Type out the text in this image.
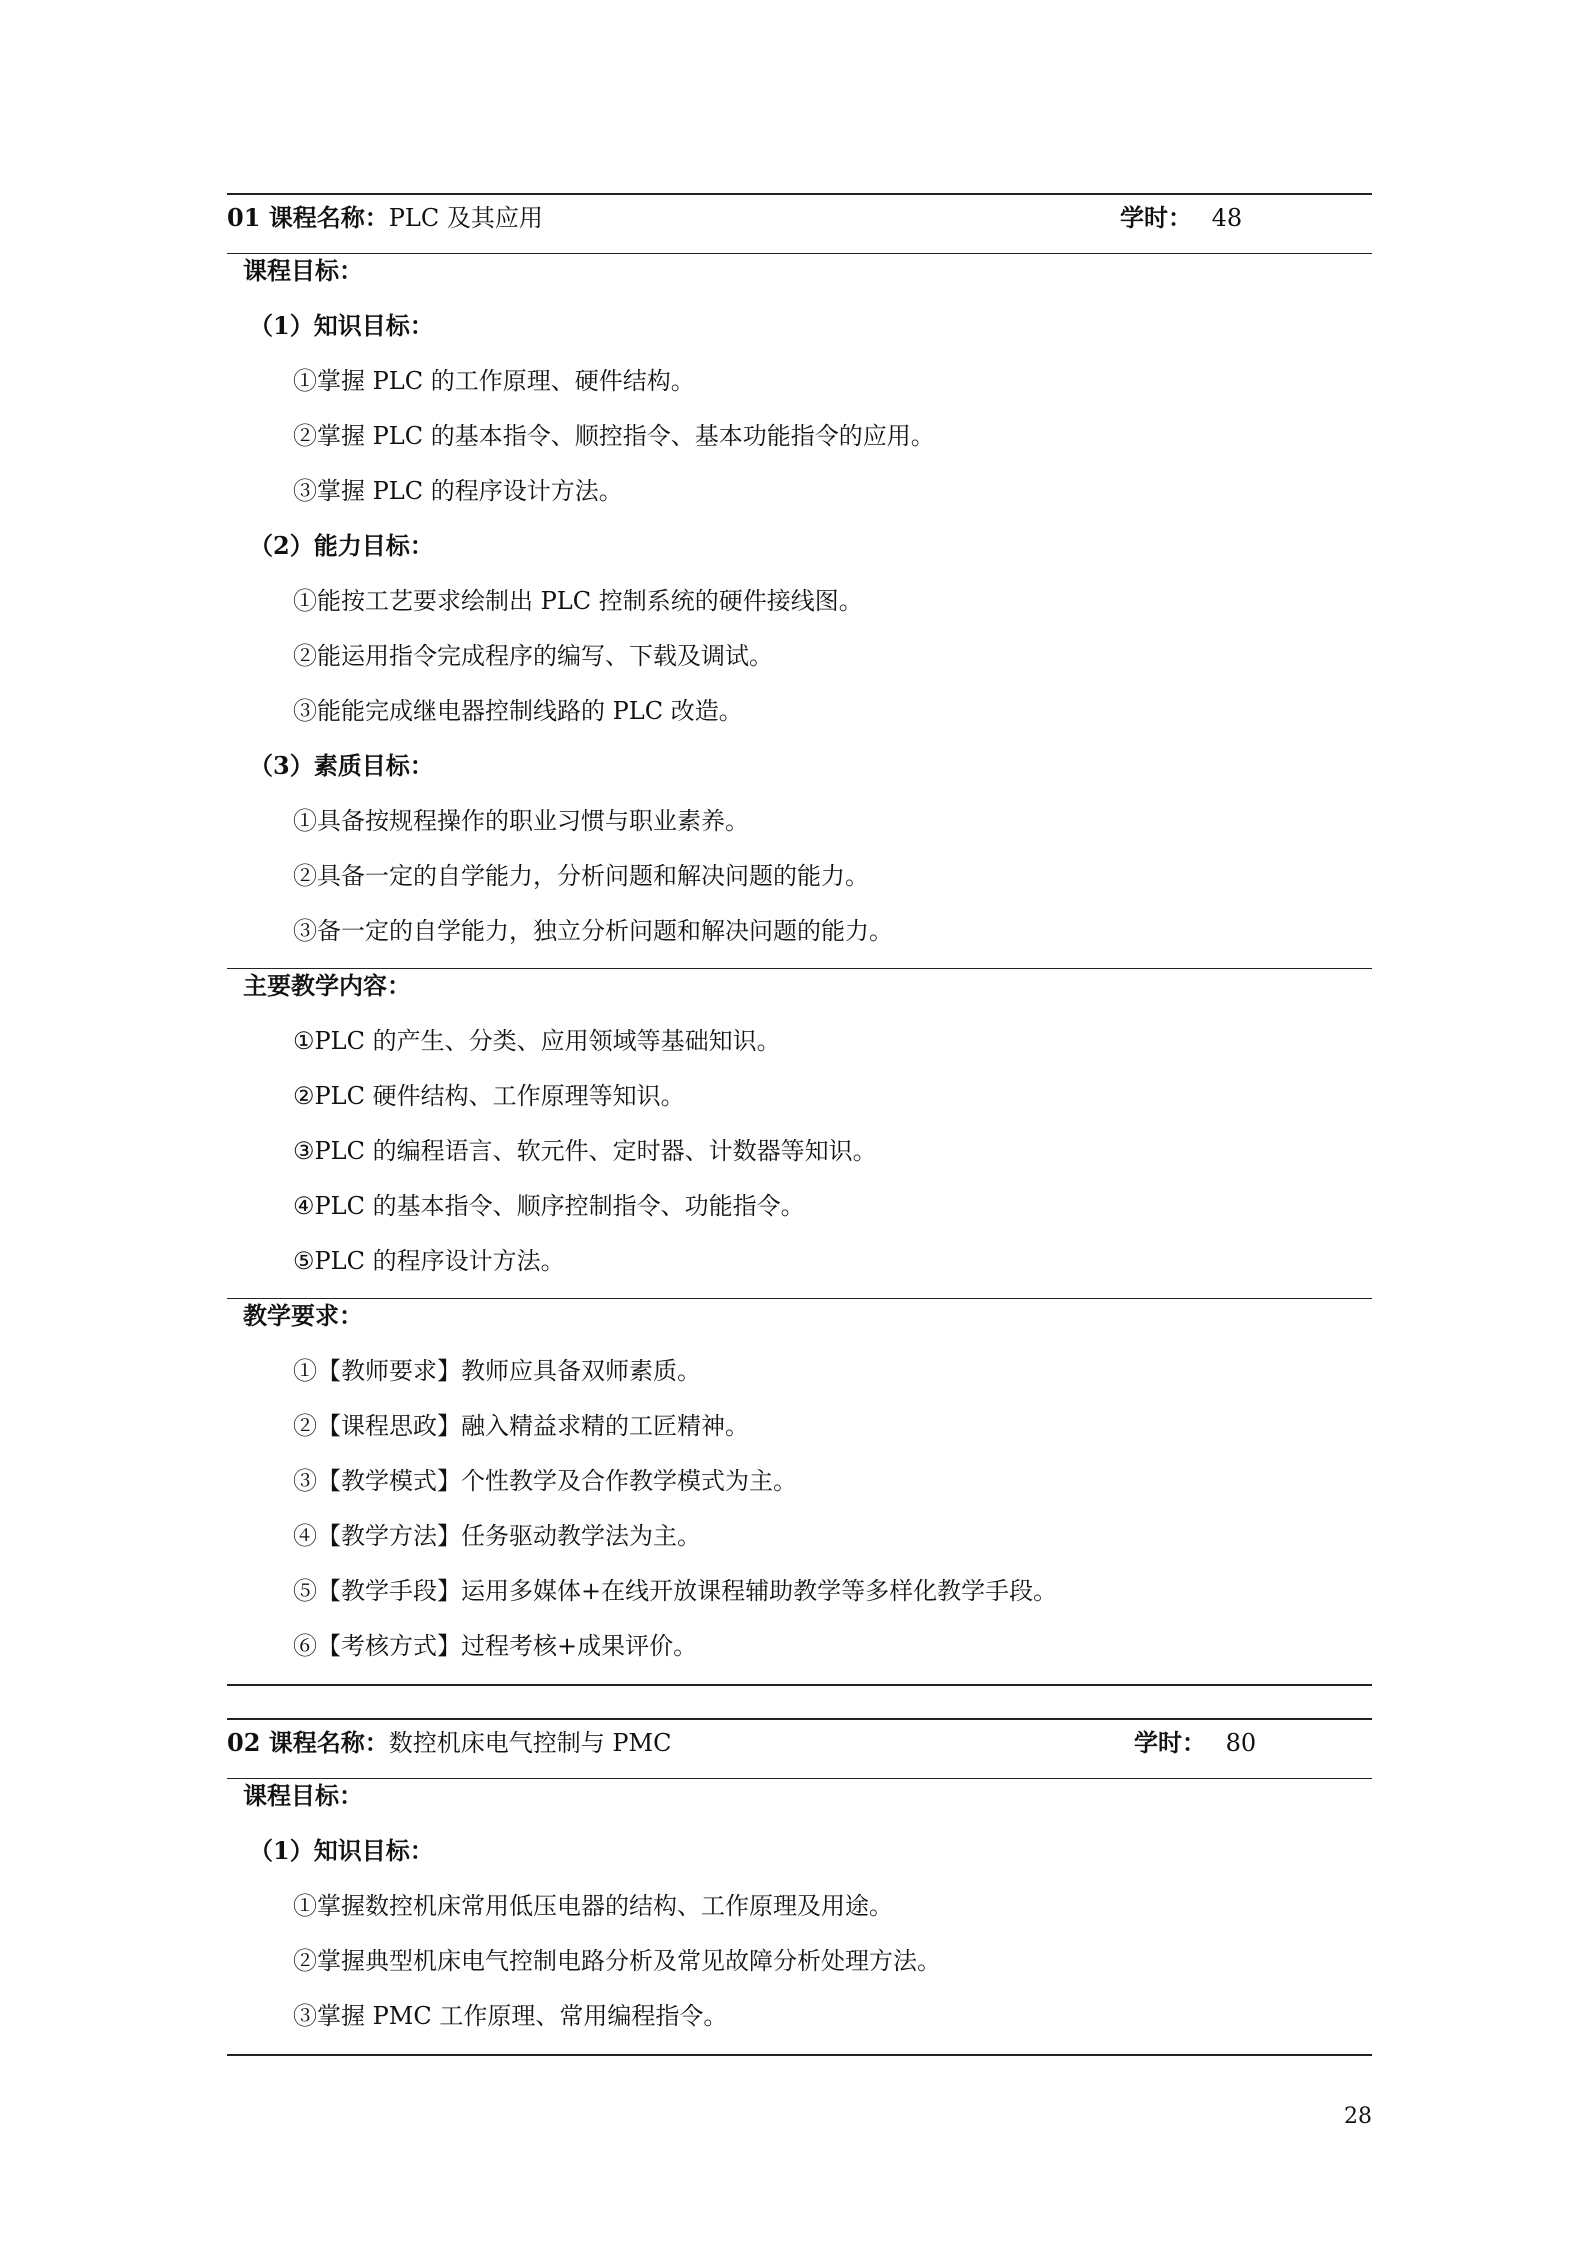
01 课程名称：PLC 及其应用	学时： 48
课程目标：
（1）知识目标：
①掌握 PLC 的工作原理、硬件结构。
②掌握 PLC 的基本指令、顺控指令、基本功能指令的应用。
③掌握 PLC 的程序设计方法。
（2）能力目标：
①能按工艺要求绘制出 PLC 控制系统的硬件接线图。
②能运用指令完成程序的编写、下载及调试。
③能能完成继电器控制线路的 PLC 改造。
（3）素质目标：
①具备按规程操作的职业习惯与职业素养。
②具备一定的自学能力，分析问题和解决问题的能力。
③备一定的自学能力，独立分析问题和解决问题的能力。
主要教学内容：
①PLC 的产生、分类、应用领域等基础知识。
②PLC 硬件结构、工作原理等知识。
③PLC 的编程语言、软元件、定时器、计数器等知识。
④PLC 的基本指令、顺序控制指令、功能指令。
⑤PLC 的程序设计方法。
教学要求：
①【教师要求】教师应具备双师素质。
②【课程思政】融入精益求精的工匠精神。
③【教学模式】个性教学及合作教学模式为主。
④【教学方法】任务驱动教学法为主。
⑤【教学手段】运用多媒体+在线开放课程辅助教学等多样化教学手段。
⑥【考核方式】过程考核+成果评价。
02 课程名称：数控机床电气控制与 PMC	学时： 80
课程目标：
（1）知识目标：
①掌握数控机床常用低压电器的结构、工作原理及用途。
②掌握典型机床电气控制电路分析及常见故障分析处理方法。
③掌握 PMC 工作原理、常用编程指令。
28
